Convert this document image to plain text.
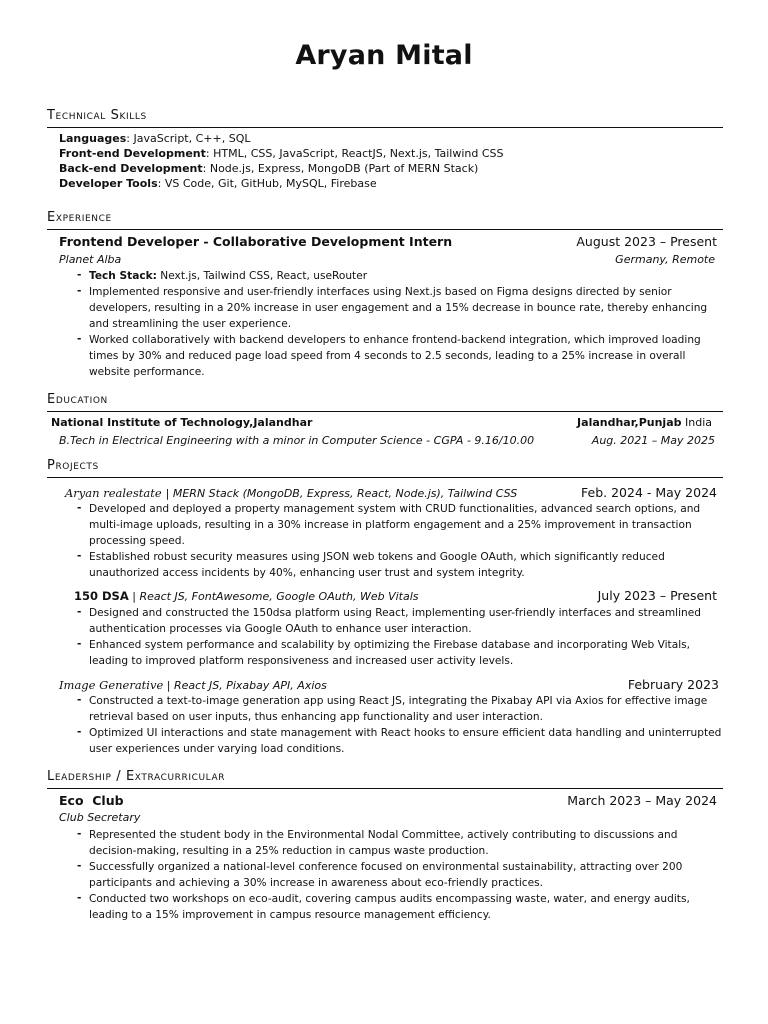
Aryan Mital
Technical Skills
Languages: JavaScript, C++, SQL
Front-end Development: HTML, CSS, JavaScript, ReactJS, Next.js, Tailwind CSS
Back-end Development: Node.js, Express, MongoDB (Part of MERN Stack)
Developer Tools: VS Code, Git, GitHub, MySQL, Firebase
Experience
Frontend Developer - Collaborative Development Intern	August 2023 – Present
Planet Alba	Germany, Remote
- Tech Stack: Next.js, Tailwind CSS, React, useRouter
- Implemented responsive and user-friendly interfaces using Next.js based on Figma designs directed by senior developers, resulting in a 20% increase in user engagement and a 15% decrease in bounce rate, thereby enhancing and streamlining the user experience.
- Worked collaboratively with backend developers to enhance frontend-backend integration, which improved loading times by 30% and reduced page load speed from 4 seconds to 2.5 seconds, leading to a 25% increase in overall website performance.
Education
National Institute of Technology,Jalandhar	Jalandhar,Punjab India
B.Tech in Electrical Engineering with a minor in Computer Science - CGPA - 9.16/10.00	Aug. 2021 – May 2025
Projects
Aryan realestate | MERN Stack (MongoDB, Express, React, Node.js), Tailwind CSS	Feb. 2024 - May 2024
- Developed and deployed a property management system with CRUD functionalities, advanced search options, and multi-image uploads, resulting in a 30% increase in platform engagement and a 25% improvement in transaction processing speed.
- Established robust security measures using JSON web tokens and Google OAuth, which significantly reduced unauthorized access incidents by 40%, enhancing user trust and system integrity.
150 DSA | React JS, FontAwesome, Google OAuth, Web Vitals	July 2023 – Present
- Designed and constructed the 150dsa platform using React, implementing user-friendly interfaces and streamlined authentication processes via Google OAuth to enhance user interaction.
- Enhanced system performance and scalability by optimizing the Firebase database and incorporating Web Vitals, leading to improved platform responsiveness and increased user activity levels.
Image Generative | React JS, Pixabay API, Axios	February 2023
- Constructed a text-to-image generation app using React JS, integrating the Pixabay API via Axios for effective image retrieval based on user inputs, thus enhancing app functionality and user interaction.
- Optimized UI interactions and state management with React hooks to ensure efficient data handling and uninterrupted user experiences under varying load conditions.
Leadership / Extracurricular
Eco  Club	March 2023 – May 2024
Club Secretary
- Represented the student body in the Environmental Nodal Committee, actively contributing to discussions and decision-making, resulting in a 25% reduction in campus waste production.
- Successfully organized a national-level conference focused on environmental sustainability, attracting over 200 participants and achieving a 30% increase in awareness about eco-friendly practices.
- Conducted two workshops on eco-audit, covering campus audits encompassing waste, water, and energy audits, leading to a 15% improvement in campus resource management efficiency.
